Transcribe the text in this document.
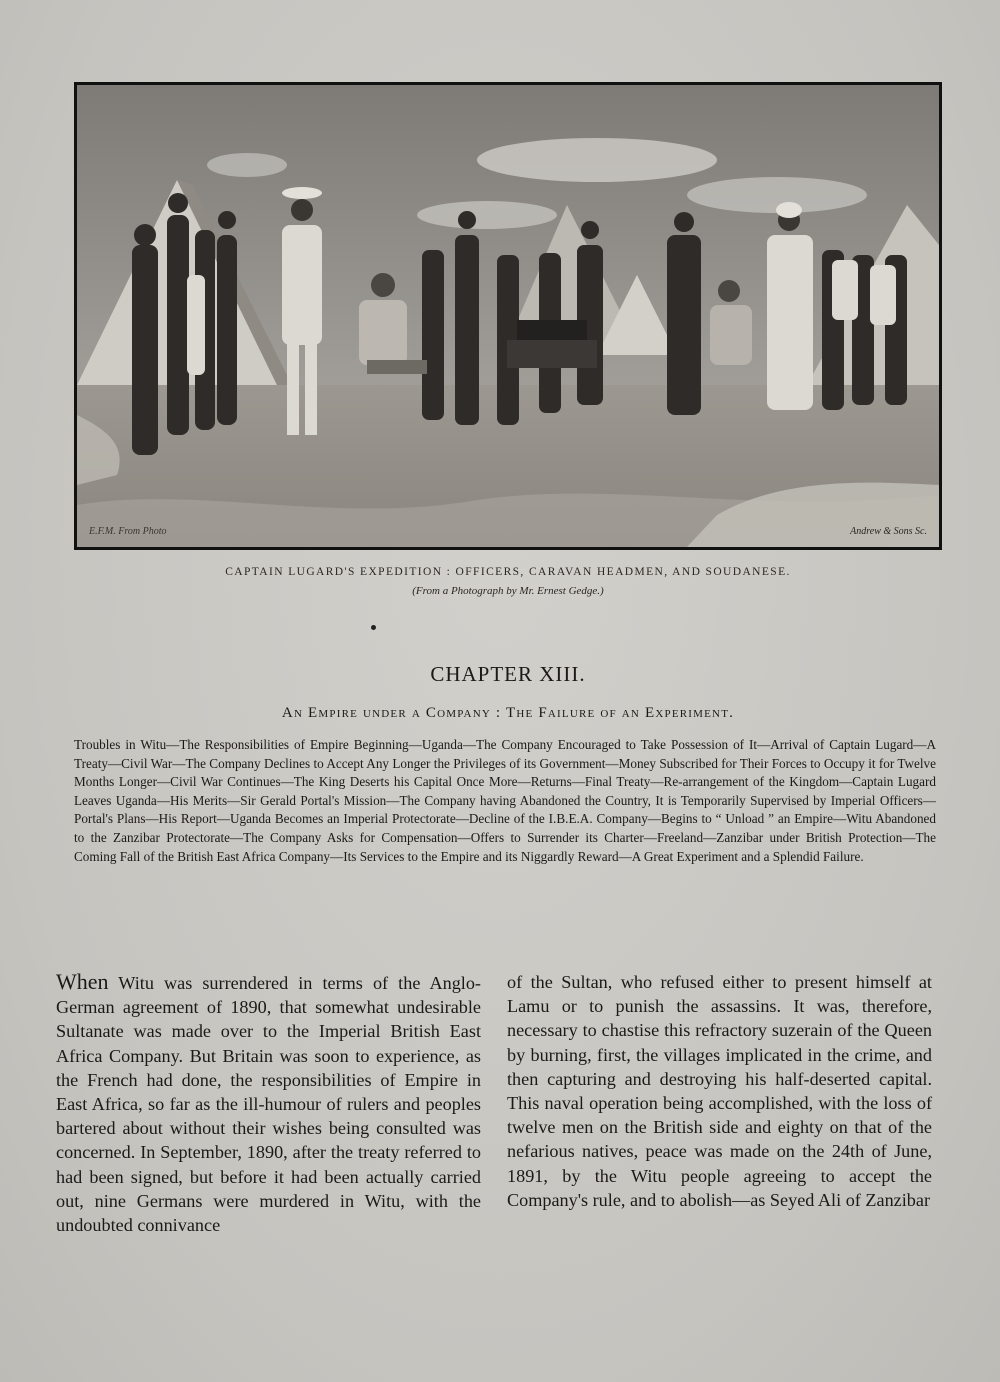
E.F.M. From Photo	Andrew & Sons Sc.
CAPTAIN LUGARD'S EXPEDITION : OFFICERS, CARAVAN HEADMEN, AND SOUDANESE.
(From a Photograph by Mr. Ernest Gedge.)
CHAPTER XIII.
An Empire under a Company : The Failure of an Experiment.
Troubles in Witu—The Responsibilities of Empire Beginning—Uganda—The Company Encouraged to Take Possession of It—Arrival of Captain Lugard—A Treaty—Civil War—The Company Declines to Accept Any Longer the Privileges of its Government—Money Subscribed for Their Forces to Occupy it for Twelve Months Longer—Civil War Continues—The King Deserts his Capital Once More—Returns—Final Treaty—Re-arrangement of the Kingdom—Captain Lugard Leaves Uganda—His Merits—Sir Gerald Portal's Mission—The Company having Abandoned the Country, It is Temporarily Supervised by Imperial Officers—Portal's Plans—His Report—Uganda Becomes an Imperial Protectorate—Decline of the I.B.E.A. Company—Begins to “ Unload ” an Empire—Witu Abandoned to the Zanzibar Protectorate—The Company Asks for Compensation—Offers to Surrender its Charter—Freeland—Zanzibar under British Protection—The Coming Fall of the British East Africa Company—Its Services to the Empire and its Niggardly Reward—A Great Experiment and a Splendid Failure.

When Witu was surrendered in terms of the Anglo-German agreement of 1890, that somewhat undesirable Sultanate was made over to the Imperial British East Africa Company. But Britain was soon to experience, as the French had done, the responsibilities of Empire in East Africa, so far as the ill-humour of rulers and peoples bartered about without their wishes being consulted was concerned. In September, 1890, after the treaty referred to had been signed, but before it had been actually carried out, nine Germans were murdered in Witu, with the undoubted connivance

of the Sultan, who refused either to present himself at Lamu or to punish the assassins. It was, therefore, necessary to chastise this refractory suzerain of the Queen by burning, first, the villages implicated in the crime, and then capturing and destroying his half-deserted capital. This naval operation being accomplished, with the loss of twelve men on the British side and eighty on that of the nefarious natives, peace was made on the 24th of June, 1891, by the Witu people agreeing to accept the Company's rule, and to abolish—as Seyed Ali of Zanzibar
